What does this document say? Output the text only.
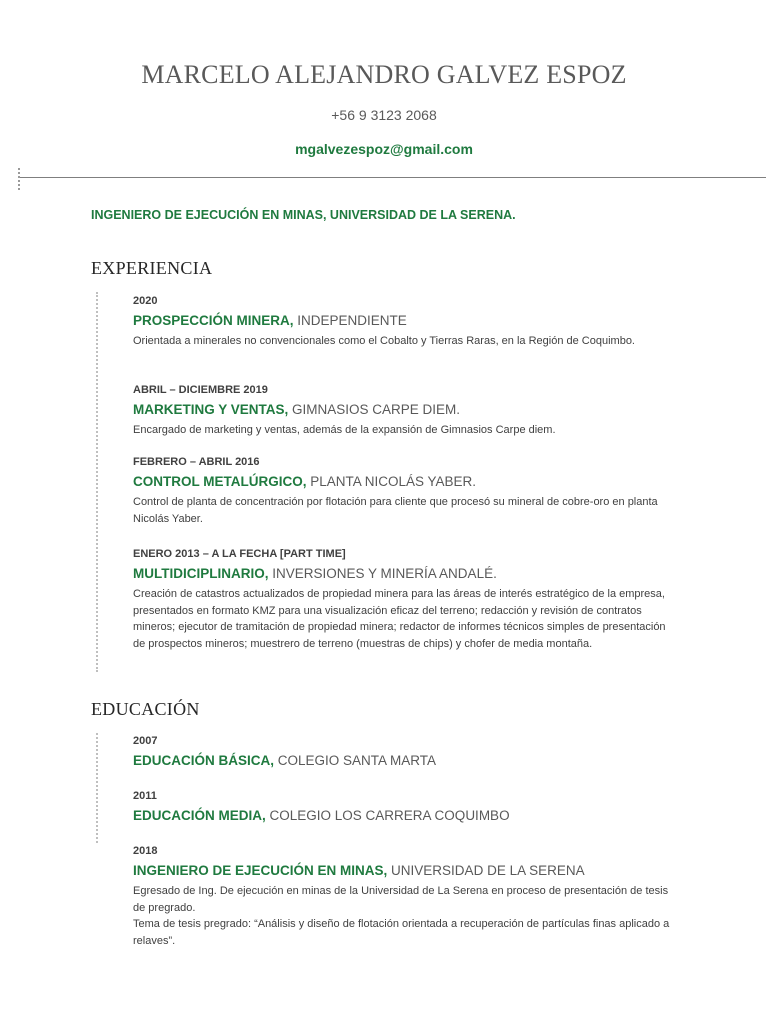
MARCELO ALEJANDRO GALVEZ ESPOZ
+56 9 3123 2068
mgalvezespoz@gmail.com
INGENIERO DE EJECUCIÓN EN MINAS, UNIVERSIDAD DE LA SERENA.
EXPERIENCIA
2020
PROSPECCIÓN MINERA, INDEPENDIENTE
Orientada a minerales no convencionales como el Cobalto y Tierras Raras, en la Región de Coquimbo.
ABRIL – DICIEMBRE 2019
MARKETING Y VENTAS, GIMNASIOS CARPE DIEM.
Encargado de marketing y ventas, además de la expansión de Gimnasios Carpe diem.
FEBRERO – ABRIL 2016
CONTROL METALÚRGICO, PLANTA NICOLÁS YABER.
Control de planta de concentración por flotación para cliente que procesó su mineral de cobre-oro en planta Nicolás Yaber.
ENERO 2013 – A LA FECHA [PART TIME]
MULTIDICIPLINARIO, INVERSIONES Y MINERÍA ANDALÉ.
Creación de catastros actualizados de propiedad minera para las áreas de interés estratégico de la empresa, presentados en formato KMZ para una visualización eficaz del terreno; redacción y revisión de contratos mineros; ejecutor de tramitación de propiedad minera; redactor de informes técnicos simples de presentación de prospectos mineros; muestrero de terreno (muestras de chips) y chofer de media montaña.
EDUCACIÓN
2007
EDUCACIÓN BÁSICA, COLEGIO SANTA MARTA
2011
EDUCACIÓN MEDIA, COLEGIO LOS CARRERA COQUIMBO
2018
INGENIERO DE EJECUCIÓN EN MINAS, UNIVERSIDAD DE LA SERENA
Egresado de Ing. De ejecución en minas de la Universidad de La Serena en proceso de presentación de tesis de pregrado.
Tema de tesis pregrado: “Análisis y diseño de flotación orientada a recuperación de partículas finas aplicado a relaves”.
